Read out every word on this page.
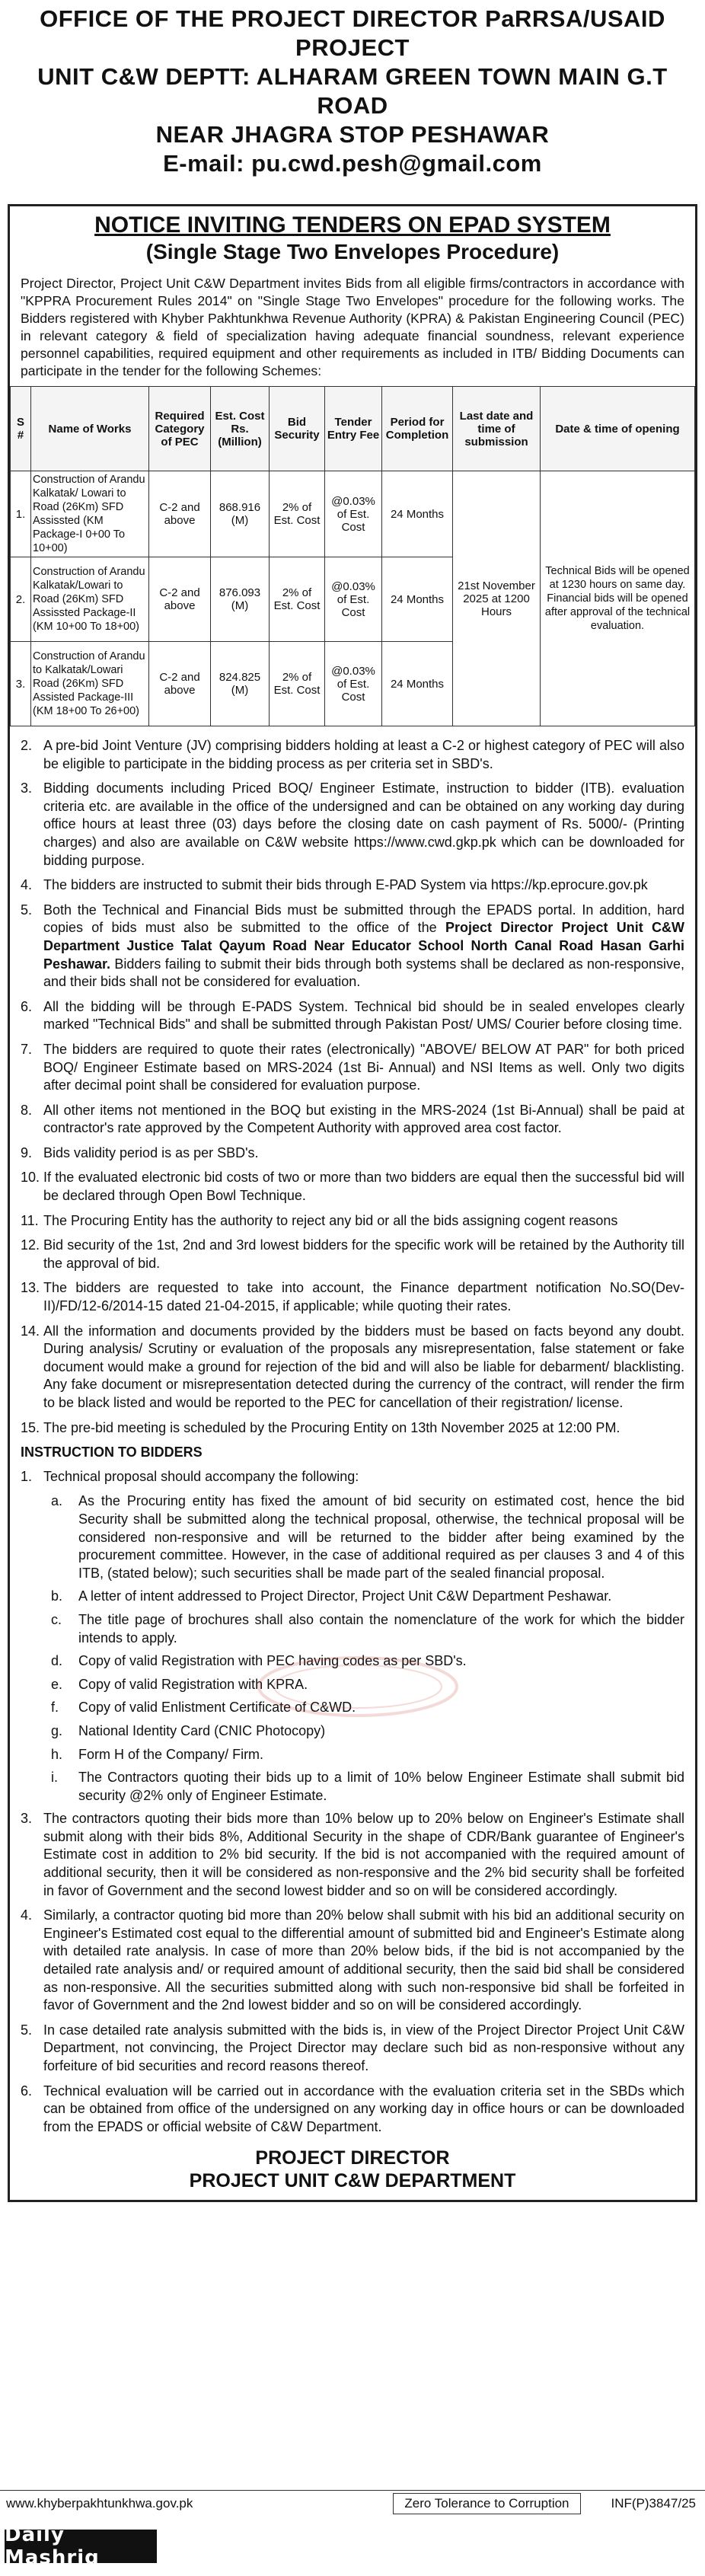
OFFICE OF THE PROJECT DIRECTOR PaRRSA/USAID PROJECT
UNIT C&W DEPTT: ALHARAM GREEN TOWN MAIN G.T ROAD
NEAR JHAGRA STOP PESHAWAR
E-mail: pu.cwd.pesh@gmail.com
NOTICE INVITING TENDERS ON EPAD SYSTEM
(Single Stage Two Envelopes Procedure)
Project Director, Project Unit C&W Department invites Bids from all eligible firms/contractors in accordance with "KPPRA Procurement Rules 2014" on "Single Stage Two Envelopes" procedure for the following works. The Bidders registered with Khyber Pakhtunkhwa Revenue Authority (KPRA) & Pakistan Engineering Council (PEC) in relevant category & field of specialization having adequate financial soundness, relevant experience personnel capabilities, required equipment and other requirements as included in ITB/ Bidding Documents can participate in the tender for the following Schemes:
S #	Name of Works	Required Category of PEC	Est. Cost Rs. (Million)	Bid Security	Tender Entry Fee	Period for Completion	Last date and time of submission	Date & time of opening
1.	Construction of Arandu Kalkatak/ Lowari to Road (26Km) SFD Assissted (KM Package-I 0+00 To 10+00)	C-2 and above	868.916 (M)	2% of Est. Cost	@0.03% of Est. Cost	24 Months	21st November 2025 at 1200 Hours	Technical Bids will be opened at 1230 hours on same day. Financial bids will be opened after approval of the technical evaluation.
2.	Construction of Arandu Kalkatak/Lowari to Road (26Km) SFD Assissted Package-II (KM 10+00 To 18+00)	C-2 and above	876.093 (M)	2% of Est. Cost	@0.03% of Est. Cost	24 Months		
3.	Construction of Arandu to Kalkatak/Lowari Road (26Km) SFD Assisted Package-III (KM 18+00 To 26+00)	C-2 and above	824.825 (M)	2% of Est. Cost	@0.03% of Est. Cost	24 Months		
2. A pre-bid Joint Venture (JV) comprising bidders holding at least a C-2 or highest category of PEC will also be eligible to participate in the bidding process as per criteria set in SBD's.
3. Bidding documents including Priced BOQ/ Engineer Estimate, instruction to bidder (ITB). evaluation criteria etc. are available in the office of the undersigned and can be obtained on any working day during office hours at least three (03) days before the closing date on cash payment of Rs. 5000/- (Printing charges) and also are available on C&W website https://www.cwd.gkp.pk which can be downloaded for bidding purpose.
4. The bidders are instructed to submit their bids through E-PAD System via https://kp.eprocure.gov.pk
5. Both the Technical and Financial Bids must be submitted through the EPADS portal. In addition, hard copies of bids must also be submitted to the office of the Project Director Project Unit C&W Department Justice Talat Qayum Road Near Educator School North Canal Road Hasan Garhi Peshawar. Bidders failing to submit their bids through both systems shall be declared as non-responsive, and their bids shall not be considered for evaluation.
6. All the bidding will be through E-PADS System. Technical bid should be in sealed envelopes clearly marked "Technical Bids" and shall be submitted through Pakistan Post/ UMS/ Courier before closing time.
7. The bidders are required to quote their rates (electronically) "ABOVE/ BELOW AT PAR" for both priced BOQ/ Engineer Estimate based on MRS-2024 (1st Bi- Annual) and NSI Items as well. Only two digits after decimal point shall be considered for evaluation purpose.
8. All other items not mentioned in the BOQ but existing in the MRS-2024 (1st Bi-Annual) shall be paid at contractor's rate approved by the Competent Authority with approved area cost factor.
9. Bids validity period is as per SBD's.
10. If the evaluated electronic bid costs of two or more than two bidders are equal then the successful bid will be declared through Open Bowl Technique.
11. The Procuring Entity has the authority to reject any bid or all the bids assigning cogent reasons
12. Bid security of the 1st, 2nd and 3rd lowest bidders for the specific work will be retained by the Authority till the approval of bid.
13. The bidders are requested to take into account, the Finance department notification No.SO(Dev-II)/FD/12-6/2014-15 dated 21-04-2015, if applicable; while quoting their rates.
14. All the information and documents provided by the bidders must be based on facts beyond any doubt. During analysis/ Scrutiny or evaluation of the proposals any misrepresentation, false statement or fake document would make a ground for rejection of the bid and will also be liable for debarment/ blacklisting. Any fake document or misrepresentation detected during the currency of the contract, will render the firm to be black listed and would be reported to the PEC for cancellation of their registration/ license.
15. The pre-bid meeting is scheduled by the Procuring Entity on 13th November 2025 at 12:00 PM.
INSTRUCTION TO BIDDERS
1. Technical proposal should accompany the following:
a.	As the Procuring entity has fixed the amount of bid security on estimated cost, hence the bid Security shall be submitted along the technical proposal, otherwise, the technical proposal will be considered non-responsive and will be returned to the bidder after being examined by the procurement committee. However, in the case of additional required as per clauses 3 and 4 of this ITB, (stated below); such securities shall be made part of the sealed financial proposal.
b.	A letter of intent addressed to Project Director, Project Unit C&W Department Peshawar.
c.	The title page of brochures shall also contain the nomenclature of the work for which the bidder intends to apply.
d.	Copy of valid Registration with PEC having codes as per SBD's.
e.	Copy of valid Registration with KPRA.
f.	Copy of valid Enlistment Certificate of C&WD.
g.	National Identity Card (CNIC Photocopy)
h.	Form H of the Company/ Firm.
i.	The Contractors quoting their bids up to a limit of 10% below Engineer Estimate shall submit bid security @2% only of Engineer Estimate.
3. The contractors quoting their bids more than 10% below up to 20% below on Engineer's Estimate shall submit along with their bids 8%, Additional Security in the shape of CDR/Bank guarantee of Engineer's Estimate cost in addition to 2% bid security. If the bid is not accompanied with the required amount of additional security, then it will be considered as non-responsive and the 2% bid security shall be forfeited in favor of Government and the second lowest bidder and so on will be considered accordingly.
4. Similarly, a contractor quoting bid more than 20% below shall submit with his bid an additional security on Engineer's Estimated cost equal to the differential amount of submitted bid and Engineer's Estimate along with detailed rate analysis. In case of more than 20% below bids, if the bid is not accompanied by the detailed rate analysis and/ or required amount of additional security, then the said bid shall be considered as non-responsive. All the securities submitted along with such non-responsive bid shall be forfeited in favor of Government and the 2nd lowest bidder and so on will be considered accordingly.
5. In case detailed rate analysis submitted with the bids is, in view of the Project Director Project Unit C&W Department, not convincing, the Project Director may declare such bid as non-responsive without any forfeiture of bid securities and record reasons thereof.
6. Technical evaluation will be carried out in accordance with the evaluation criteria set in the SBDs which can be obtained from office of the undersigned on any working day in office hours or can be downloaded from the EPADS or official website of C&W Department.
PROJECT DIRECTOR
PROJECT UNIT C&W DEPARTMENT
www.khyberpakhtunkhwa.gov.pk	Zero Tolerance to Corruption	INF(P)3847/25
Daily Mashriq
